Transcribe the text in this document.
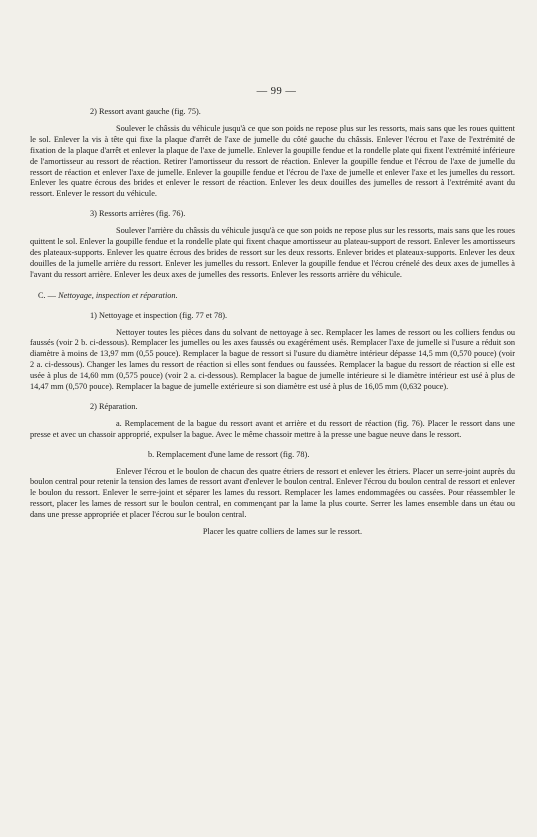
— 99 —
2) Ressort avant gauche (fig. 75).

Soulever le châssis du véhicule jusqu'à ce que son poids ne repose plus sur les ressorts, mais sans que les roues quittent le sol. Enlever la vis à tête qui fixe la plaque d'arrêt de l'axe de jumelle du côté gauche du châssis. Enlever l'écrou et l'axe de l'extrémité de fixation de la plaque d'arrêt et enlever la plaque de l'axe de jumelle. Enlever la goupille fendue et la rondelle plate qui fixent l'extrémité inférieure de l'amortisseur au ressort de réaction. Retirer l'amortisseur du ressort de réaction. Enlever la goupille fendue et l'écrou de l'axe de jumelle du ressort de réaction et enlever l'axe de jumelle. Enlever la goupille fendue et l'écrou de l'axe de jumelle et enlever l'axe et les jumelles du ressort. Enlever les quatre écrous des brides et enlever le ressort de réaction. Enlever les deux douilles des jumelles de ressort à l'extrémité avant du ressort. Enlever le ressort du véhicule.

3) Ressorts arrières (fig. 76).

Soulever l'arrière du châssis du véhicule jusqu'à ce que son poids ne repose plus sur les ressorts, mais sans que les roues quittent le sol. Enlever la goupille fendue et la rondelle plate qui fixent chaque amortisseur au plateau-support de ressort. Enlever les amortisseurs des plateaux-supports. Enlever les quatre écrous des brides de ressort sur les deux ressorts. Enlever brides et plateaux-supports. Enlever les deux douilles de la jumelle arrière du ressort. Enlever les jumelles du ressort. Enlever la goupille fendue et l'écrou crénelé des deux axes de jumelles à l'avant du ressort arrière. Enlever les deux axes de jumelles des ressorts. Enlever les ressorts arrière du véhicule.

C. — Nettoyage, inspection et réparation.
1) Nettoyage et inspection (fig. 77 et 78).

Nettoyer toutes les pièces dans du solvant de nettoyage à sec. Remplacer les lames de ressort ou les colliers fendus ou faussés (voir 2 b. ci-dessous). Remplacer les jumelles ou les axes faussés ou exagérément usés. Remplacer l'axe de jumelle si l'usure a réduit son diamètre à moins de 13,97 mm (0,55 pouce). Remplacer la bague de ressort si l'usure du diamètre intérieur dépasse 14,5 mm (0,570 pouce) (voir 2 a. ci-dessous). Changer les lames du ressort de réaction si elles sont fendues ou faussées. Remplacer la bague du ressort de réaction si elle est usée à plus de 14,60 mm (0,575 pouce) (voir 2 a. ci-dessous). Remplacer la bague de jumelle intérieure si le diamètre intérieur est usé à plus de 14,47 mm (0,570 pouce). Remplacer la bague de jumelle extérieure si son diamètre est usé à plus de 16,05 mm (0,632 pouce).

2) Réparation.

a. Remplacement de la bague du ressort avant et arrière et du ressort de réaction (fig. 76). Placer le ressort dans une presse et avec un chassoir approprié, expulser la bague. Avec le même chassoir mettre à la presse une bague neuve dans le ressort.

b. Remplacement d'une lame de ressort (fig. 78).

Enlever l'écrou et le boulon de chacun des quatre étriers de ressort et enlever les étriers. Placer un serre-joint auprès du boulon central pour retenir la tension des lames de ressort avant d'enlever le boulon central. Enlever l'écrou du boulon central de ressort et enlever le boulon du ressort. Enlever le serre-joint et séparer les lames du ressort. Remplacer les lames endommagées ou cassées. Pour réassembler le ressort, placer les lames de ressort sur le boulon central, en commençant par la lame la plus courte. Serrer les lames ensemble dans un étau ou dans une presse appropriée et placer l'écrou sur le boulon central.

Placer les quatre colliers de lames sur le ressort.
